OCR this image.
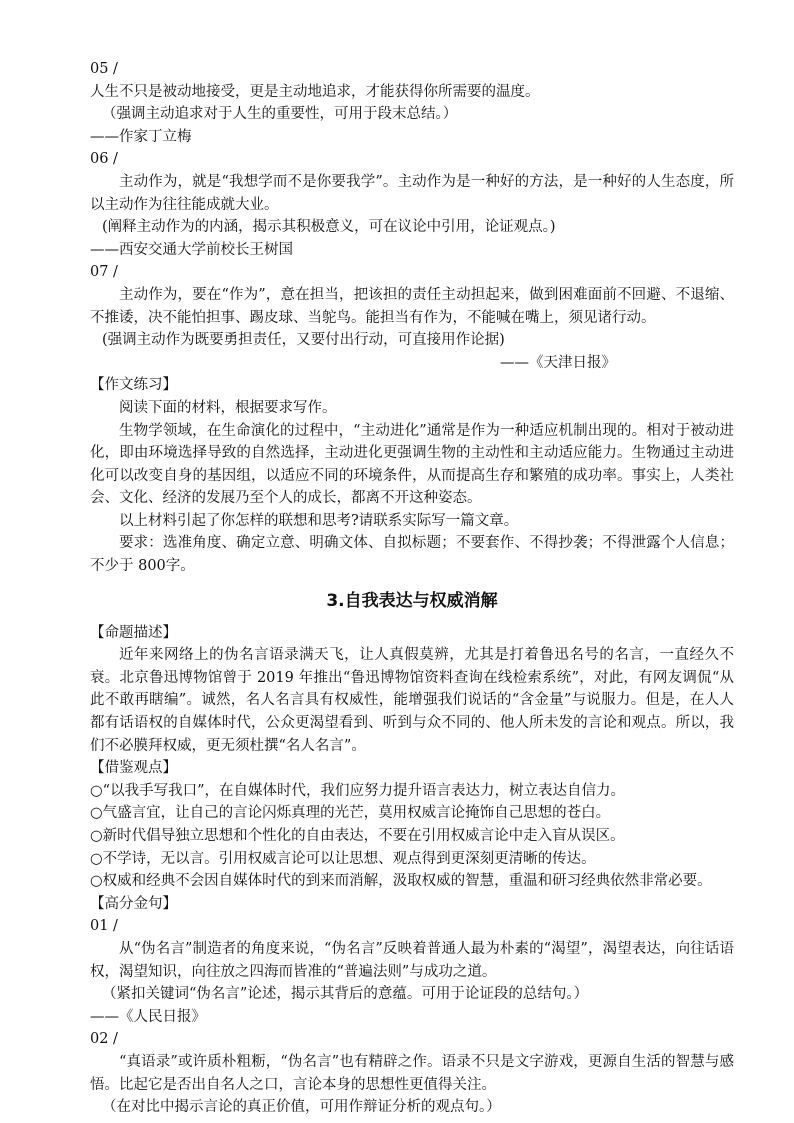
05 /
人生不只是被动地接受，更是主动地追求，才能获得你所需要的温度。
（强调主动追求对于人生的重要性，可用于段末总结。）
——作家丁立梅
06 /
主动作为，就是“我想学而不是你要我学”。主动作为是一种好的方法，是一种好的人生态度，所以主动作为往往能成就大业。
(阐释主动作为的内涵，揭示其积极意义，可在议论中引用，论证观点。)
——西安交通大学前校长王树国
07 /
主动作为，要在“作为”，意在担当，把该担的责任主动担起来，做到困难面前不回避、不退缩、不推诿，决不能怕担事、踢皮球、当鸵鸟。能担当有作为，不能喊在嘴上，须见诸行动。
(强调主动作为既要勇担责任，又要付出行动，可直接用作论据)
——《天津日报》
【作文练习】
阅读下面的材料，根据要求写作。
生物学领域，在生命演化的过程中，“主动进化”通常是作为一种适应机制出现的。相对于被动进化，即由环境选择导致的自然选择，主动进化更强调生物的主动性和主动适应能力。生物通过主动进化可以改变自身的基因组，以适应不同的环境条件，从而提高生存和繁殖的成功率。事实上，人类社会、文化、经济的发展乃至个人的成长，都离不开这种姿态。
以上材料引起了你怎样的联想和思考?请联系实际写一篇文章。
要求：选准角度、确定立意、明确文体、自拟标题；不要套作、不得抄袭；不得泄露个人信息；不少于 800字。
3.自我表达与权威消解
【命题描述】
近年来网络上的伪名言语录满天飞，让人真假莫辨，尤其是打着鲁迅名号的名言，一直经久不衰。北京鲁迅博物馆曾于 2019 年推出“鲁迅博物馆资料查询在线检索系统”，对此，有网友调侃“从此不敢再瞎编”。诚然，名人名言具有权威性，能增强我们说话的“含金量”与说服力。但是，在人人都有话语权的自媒体时代，公众更渴望看到、听到与众不同的、他人所未发的言论和观点。所以，我们不必膜拜权威，更无须杜撰“名人名言”。
【借鉴观点】
○“以我手写我口”，在自媒体时代，我们应努力提升语言表达力，树立表达自信力。
○气盛言宜，让自己的言论闪烁真理的光芒，莫用权威言论掩饰自己思想的苍白。
○新时代倡导独立思想和个性化的自由表达，不要在引用权威言论中走入盲从误区。
○不学诗，无以言。引用权威言论可以让思想、观点得到更深刻更清晰的传达。
○权威和经典不会因自媒体时代的到来而消解，汲取权威的智慧，重温和研习经典依然非常必要。
【高分金句】
01 /
从“伪名言”制造者的角度来说，“伪名言”反映着普通人最为朴素的“渴望”，渴望表达，向往话语权，渴望知识，向往放之四海而皆准的“普遍法则”与成功之道。
（紧扣关键词“伪名言”论述，揭示其背后的意蕴。可用于论证段的总结句。）
——《人民日报》
02 /
“真语录”或许质朴粗粝，“伪名言”也有精辟之作。语录不只是文字游戏，更源自生活的智慧与感悟。比起它是否出自名人之口，言论本身的思想性更值得关注。
（在对比中揭示言论的真正价值，可用作辩证分析的观点句。）
